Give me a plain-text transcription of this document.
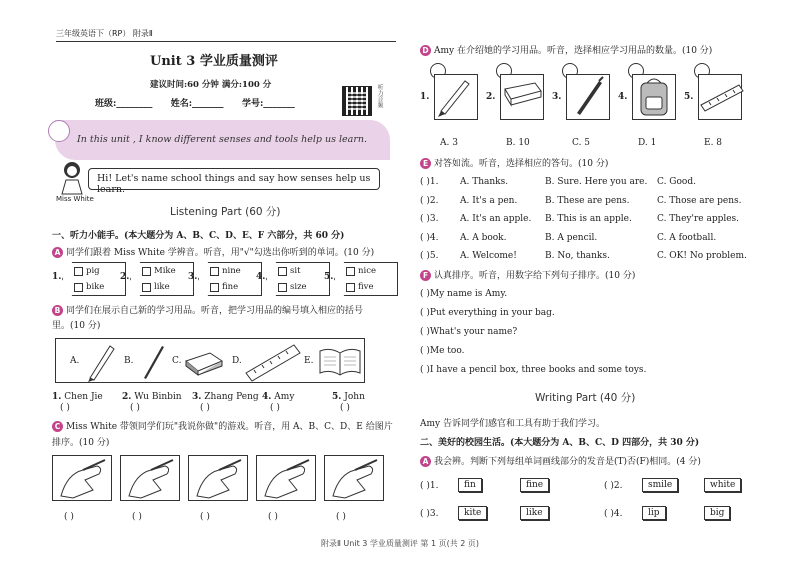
三年级英语下（RP） 附录Ⅱ
Unit 3 学业质量测评
建议时间:60 分钟 满分:100 分
班级:________ 姓名:_______ 学号:_______	听力音频
In this unit , I know different senses and tools help us learn.
Miss White
Hi! Let's name school things and say how senses help us learn.
Listening Part (60 分)
一、听力小能手。(本大题分为 A、B、C、D、E、F 六部分，共 60 分)
A 同学们跟着 Miss White 学辨音。听音，用"√"勾选出你听到的单词。(10 分)
B 同学们在展示自己新的学习用品。听音，把学习用品的编号填入相应的括号
里。(10 分)
A.	B.	C.	D.	E.
C Miss White 带领同学们玩"我说你做"的游戏。听音，用 A、B、C、D、E 给图片
排序。(10 分)
D Amy 在介绍她的学习用品。听音，选择相应学习用品的数量。(10 分)
E 对答如流。听音，选择相应的答句。(10 分)
F 认真排序。听音，用数字给下列句子排序。(10 分)
Writing Part (40 分)
Amy 告诉同学们感官和工具有助于我们学习。
二、美好的校园生活。(本大题分为 A、B、C、D 四部分，共 30 分)
A 我会辨。判断下列每组单词画线部分的发音是(T)否(F)相同。(4 分)
附录Ⅱ Unit 3 学业质量测评 第 1 页(共 2 页)
1.
pig
bike
2.
Mike
like
3.
nine
fine
4.
sit
size
5.
nice
five
1. Chen Jie
( )
2. Wu Binbin
( )
3. Zhang Peng
( )
4. Amy
( )
5. John
( )
( )	( )	( )	( )	( )
1.	2.	3.	4.	5.
A. 3	B. 10	C. 5	D. 1	E. 8
( )1. A. Thanks.	B. Sure. Here you are. C. Good.
( )2. A. It's a pen.	B. These are pens.	C. Those are pens.
( )3. A. It's an apple. B. This is an apple.	C. They're apples.
( )4. A. A book.	B. A pencil.	C. A football.
( )5. A. Welcome!	B. No, thanks.	C. OK! No problem.
( )My name is Amy.
( )Put everything in your bag.
( )What's your name?
( )Me too.
( )I have a pencil box, three books and some toys.
( )1.	fin	fine	( )2.	smile	white
( )3.	kite	like	( )4.	lip	big
